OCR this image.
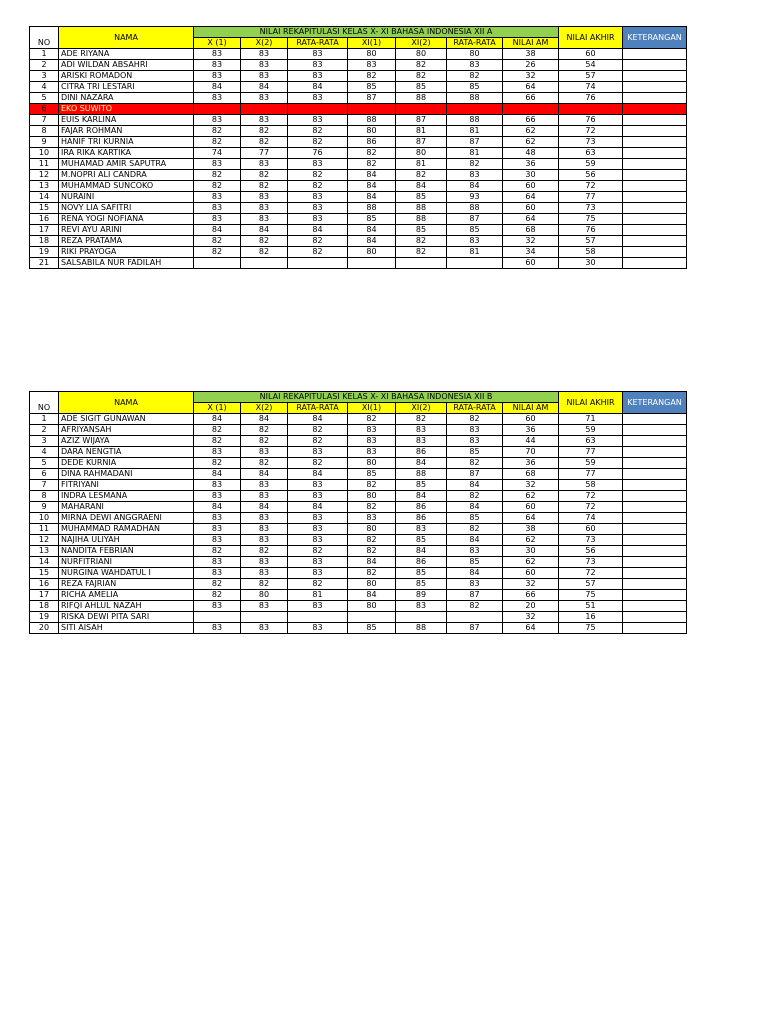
NO	NAMA	NILAI REKAPITULASI KELAS X- XI BAHASA INDONESIA XII A							NILAI AKHIR	KETERANGAN
		X (1)	X(2)	RATA-RATA	XI(1)	XI(2)	RATA-RATA	NILAI AM		
1	ADE RIYANA	83	83	83	80	80	80	38	60	
2	ADI WILDAN ABSAHRI	83	83	83	83	82	83	26	54	
3	ARISKI ROMADON	83	83	83	82	82	82	32	57	
4	CITRA TRI LESTARI	84	84	84	85	85	85	64	74	
5	DINI NAZARA	83	83	83	87	88	88	66	76	
6	EKO SUWITO									
7	EUIS KARLINA	83	83	83	88	87	88	66	76	
8	FAJAR ROHMAN	82	82	82	80	81	81	62	72	
9	HANIF TRI KURNIA	82	82	82	86	87	87	62	73	
10	IRA RIKA KARTIKA	74	77	76	82	80	81	48	63	
11	MUHAMAD AMIR SAPUTRA	83	83	83	82	81	82	36	59	
12	M.NOPRI ALI CANDRA	82	82	82	84	82	83	30	56	
13	MUHAMMAD SUNCOKO	82	82	82	84	84	84	60	72	
14	NURAINI	83	83	83	84	85	93	64	77	
15	NOVY LIA SAFITRI	83	83	83	88	88	88	60	73	
16	RENA YOGI NOFIANA	83	83	83	85	88	87	64	75	
17	REVI AYU ARINI	84	84	84	84	85	85	68	76	
18	REZA PRATAMA	82	82	82	84	82	83	32	57	
19	RIKI PRAYOGA	82	82	82	80	82	81	34	58	
21	SALSABILA NUR FADILAH							60	30	
NO	NAMA	NILAI REKAPITULASI KELAS X- XI BAHASA INDONESIA XII B							NILAI AKHIR	KETERANGAN
		X (1)	X(2)	RATA-RATA	XI(1)	XI(2)	RATA-RATA	NILAI AM		
1	ADE SIGIT GUNAWAN	84	84	84	82	82	82	60	71	
2	AFRIYANSAH	82	82	82	83	83	83	36	59	
3	AZIZ WIJAYA	82	82	82	83	83	83	44	63	
4	DARA NENGTIA	83	83	83	83	86	85	70	77	
5	DEDE KURNIA	82	82	82	80	84	82	36	59	
6	DINA RAHMADANI	84	84	84	85	88	87	68	77	
7	FITRIYANI	83	83	83	82	85	84	32	58	
8	INDRA LESMANA	83	83	83	80	84	82	62	72	
9	MAHARANI	84	84	84	82	86	84	60	72	
10	MIRNA DEWI ANGGRAENI	83	83	83	83	86	85	64	74	
11	MUHAMMAD RAMADHAN	83	83	83	80	83	82	38	60	
12	NAJIHA ULIYAH	83	83	83	82	85	84	62	73	
13	NANDITA FEBRIAN	82	82	82	82	84	83	30	56	
14	NURFITRIANI	83	83	83	84	86	85	62	73	
15	NURGINA WAHDATUL I	83	83	83	82	85	84	60	72	
16	REZA FAJRIAN	82	82	82	80	85	83	32	57	
17	RICHA AMELIA	82	80	81	84	89	87	66	75	
18	RIFQI AHLUL NAZAH	83	83	83	80	83	82	20	51	
19	RISKA DEWI PITA SARI							32	16	
20	SITI AISAH	83	83	83	85	88	87	64	75	
